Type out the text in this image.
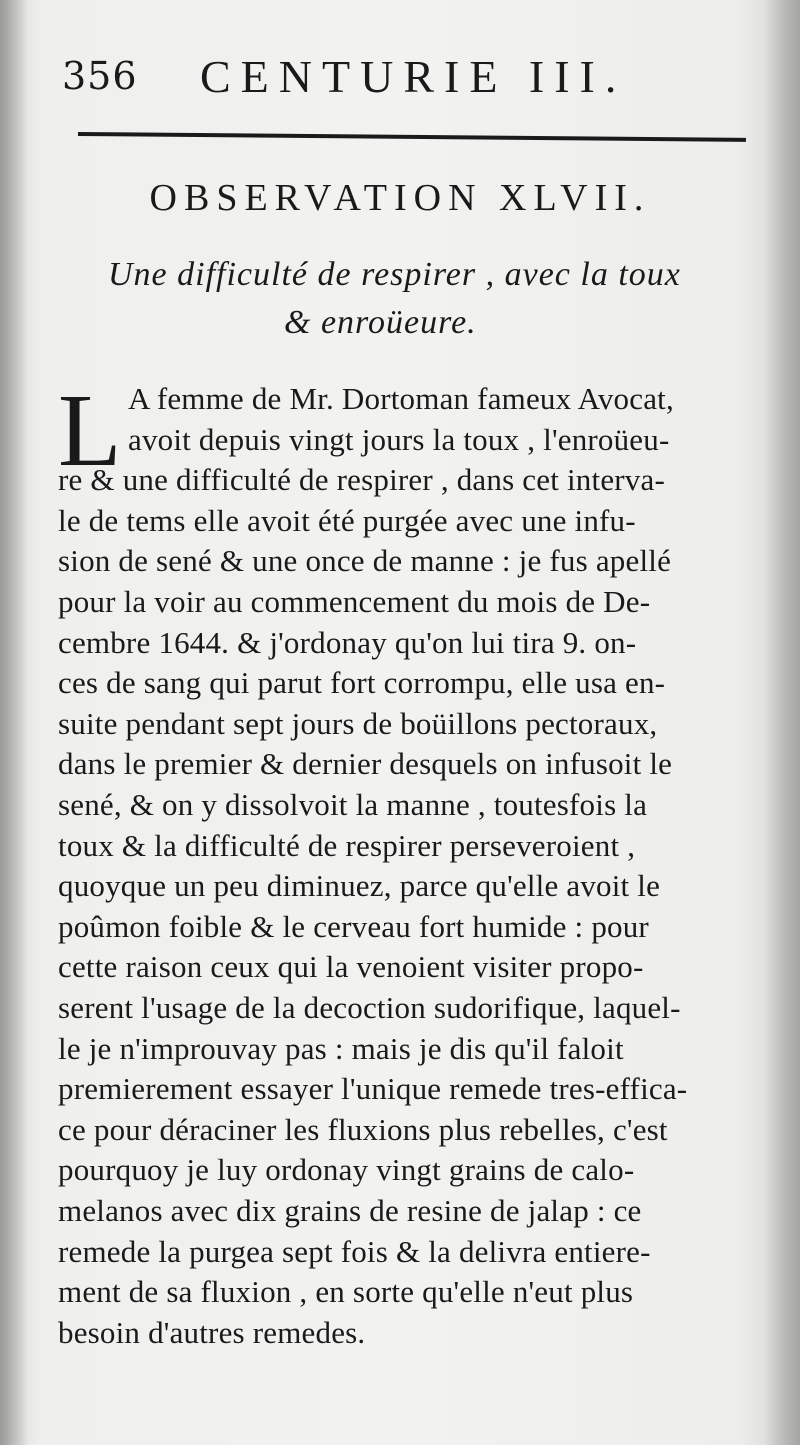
356 CENTURIE III.
OBSERVATION XLVII.
Une difficulté de respirer , avec la toux
& enroüeure.
L A femme de Mr. Dortoman fameux Avocat,
avoit depuis vingt jours la toux , l'enroüeu-
re & une difficulté de respirer , dans cet interva-
le de tems elle avoit été purgée avec une infu-
sion de sené & une once de manne : je fus apellé
pour la voir au commencement du mois de De-
cembre 1644. & j'ordonay qu'on lui tira 9. on-
ces de sang qui parut fort corrompu, elle usa en-
suite pendant sept jours de boüillons pectoraux,
dans le premier & dernier desquels on infusoit le
sené, & on y dissolvoit la manne , toutesfois la
toux & la difficulté de respirer perseveroient ,
quoyque un peu diminuez, parce qu'elle avoit le
poûmon foible & le cerveau fort humide : pour
cette raison ceux qui la venoient visiter propo-
serent l'usage de la decoction sudorifique, laquel-
le je n'improuvay pas : mais je dis qu'il faloit
premierement essayer l'unique remede tres-effica-
ce pour déraciner les fluxions plus rebelles, c'est
pourquoy je luy ordonay vingt grains de calo-
melanos avec dix grains de resine de jalap : ce
remede la purgea sept fois & la delivra entiere-
ment de sa fluxion , en sorte qu'elle n'eut plus
besoin d'autres remedes.
